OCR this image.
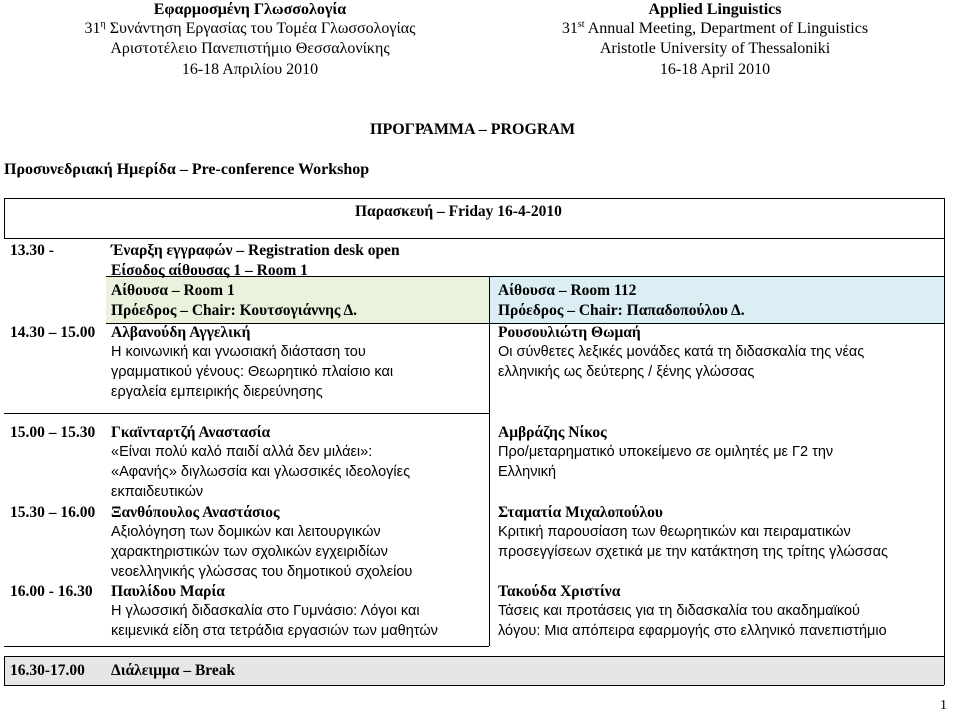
Εφαρμοσμένη Γλωσσολογία
$31^\eta$ Συνάντηση Εργασίας του Τομέα Γλωσσολογίας
Αριστοτέλειο Πανεπιστήμιο Θεσσαλονίκης
16-18 Απριλίου 2010
Applied Linguistics
31st Annual Meeting, Department of Linguistics
Aristotle University of Thessaloniki
16-18 April 2010
ΠΡΟΓΡΑΜΜΑ – PROGRAM
Προσυνεδριακή Ημερίδα – Pre-conference Workshop
Παρασκευή – Friday 16-4-2010
13.30 -	Έναρξη εγγραφών – Registration desk open
Είσοδος αίθουσας 1 – Room 1
Αίθουσα – Room 1
Πρόεδρος – Chair: Κουτσογιάννης Δ.
Αίθουσα – Room 112
Πρόεδρος – Chair: Παπαδοπούλου Δ.
14.30 – 15.00 Αλβανούδη Αγγελική
Η κοινωνική και γνωσιακή διάσταση του
γραμματικού γένους: Θεωρητικό πλαίσιο και
εργαλεία εμπειρικής διερεύνησης
Ρουσουλιώτη Θωμαή
Οι σύνθετες λεξικές μονάδες κατά τη διδασκαλία της νέας
ελληνικής ως δεύτερης / ξένης γλώσσας
15.00 – 15.30 Γκαϊνταρτζή Αναστασία
«Είναι πολύ καλό παιδί αλλά δεν μιλάει»:
«Αφανής» διγλωσσία και γλωσσικές ιδεολογίες
εκπαιδευτικών
Αμβράζης Νίκος
Προ/μεταρηματικό υποκείμενο σε ομιλητές με Γ2 την
Ελληνική
15.30 – 16.00 Ξανθόπουλος Αναστάσιος
Αξιολόγηση των δομικών και λειτουργικών
χαρακτηριστικών των σχολικών εγχειριδίων
νεοελληνικής γλώσσας του δημοτικού σχολείου
Σταματία Μιχαλοπούλου
Κριτική παρουσίαση των θεωρητικών και πειραματικών
προσεγγίσεων σχετικά με την κατάκτηση της τρίτης γλώσσας
16.00 - 16.30 Παυλίδου Μαρία
Η γλωσσική διδασκαλία στο Γυμνάσιο: Λόγοι και
κειμενικά είδη στα τετράδια εργασιών των μαθητών
Τακούδα Χριστίνα
Τάσεις και προτάσεις για τη διδασκαλία του ακαδημαϊκού
λόγου: Μια απόπειρα εφαρμογής στο ελληνικό πανεπιστήμιο
16.30-17.00 Διάλειμμα – Break
1
